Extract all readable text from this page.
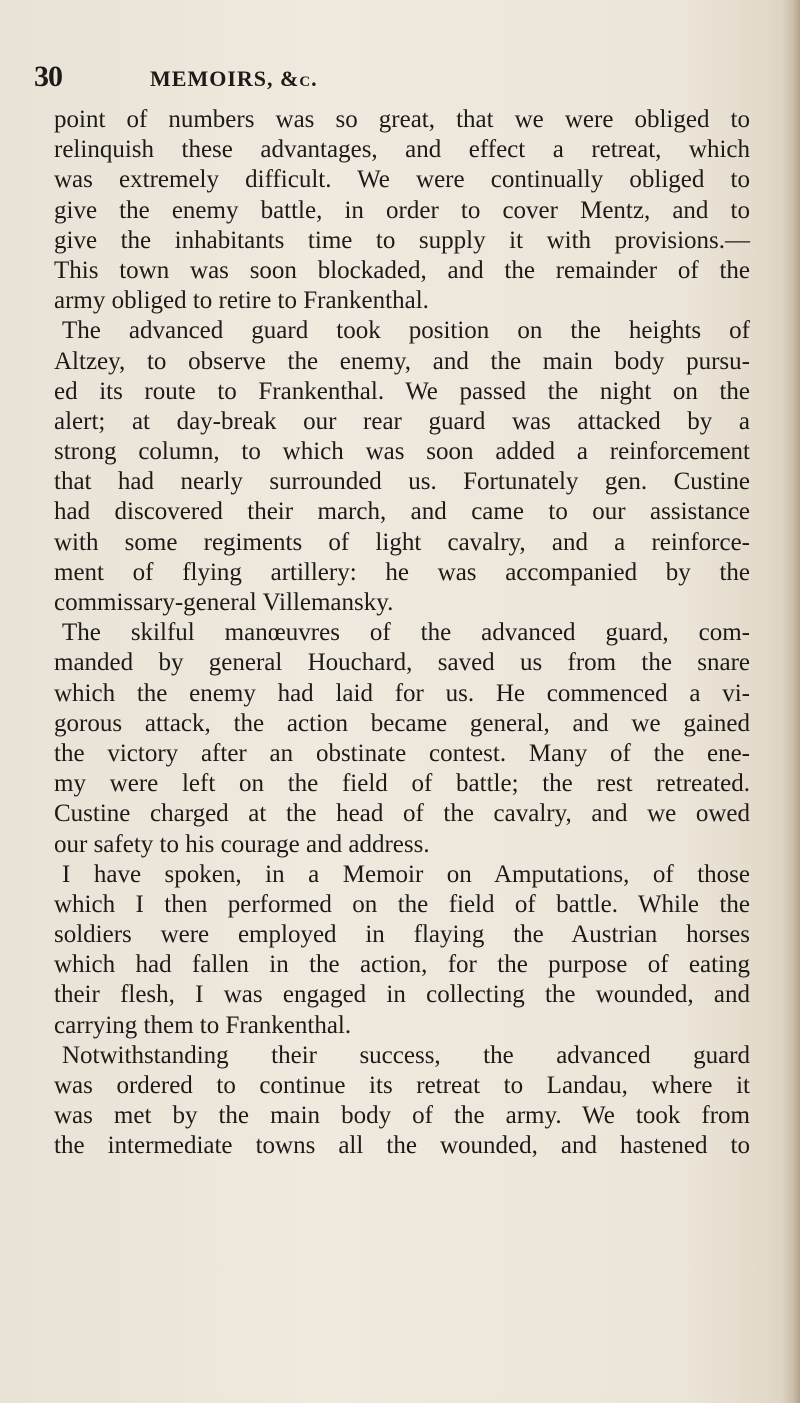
30	MEMOIRS, &c.
point of numbers was so great, that we were obliged to
relinquish these advantages, and effect a retreat, which
was extremely difficult. We were continually obliged to
give the enemy battle, in order to cover Mentz, and to
give the inhabitants time to supply it with provisions.—
This town was soon blockaded, and the remainder of the
army obliged to retire to Frankenthal.
The advanced guard took position on the heights of
Altzey, to observe the enemy, and the main body pursu-
ed its route to Frankenthal. We passed the night on the
alert; at day-break our rear guard was attacked by a
strong column, to which was soon added a reinforcement
that had nearly surrounded us. Fortunately gen. Custine
had discovered their march, and came to our assistance
with some regiments of light cavalry, and a reinforce-
ment of flying artillery: he was accompanied by the
commissary-general Villemansky.
The skilful manœuvres of the advanced guard, com-
manded by general Houchard, saved us from the snare
which the enemy had laid for us. He commenced a vi-
gorous attack, the action became general, and we gained
the victory after an obstinate contest. Many of the ene-
my were left on the field of battle; the rest retreated.
Custine charged at the head of the cavalry, and we owed
our safety to his courage and address.
I have spoken, in a Memoir on Amputations, of those
which I then performed on the field of battle. While the
soldiers were employed in flaying the Austrian horses
which had fallen in the action, for the purpose of eating
their flesh, I was engaged in collecting the wounded, and
carrying them to Frankenthal.
Notwithstanding their success, the advanced guard
was ordered to continue its retreat to Landau, where it
was met by the main body of the army. We took from
the intermediate towns all the wounded, and hastened to
